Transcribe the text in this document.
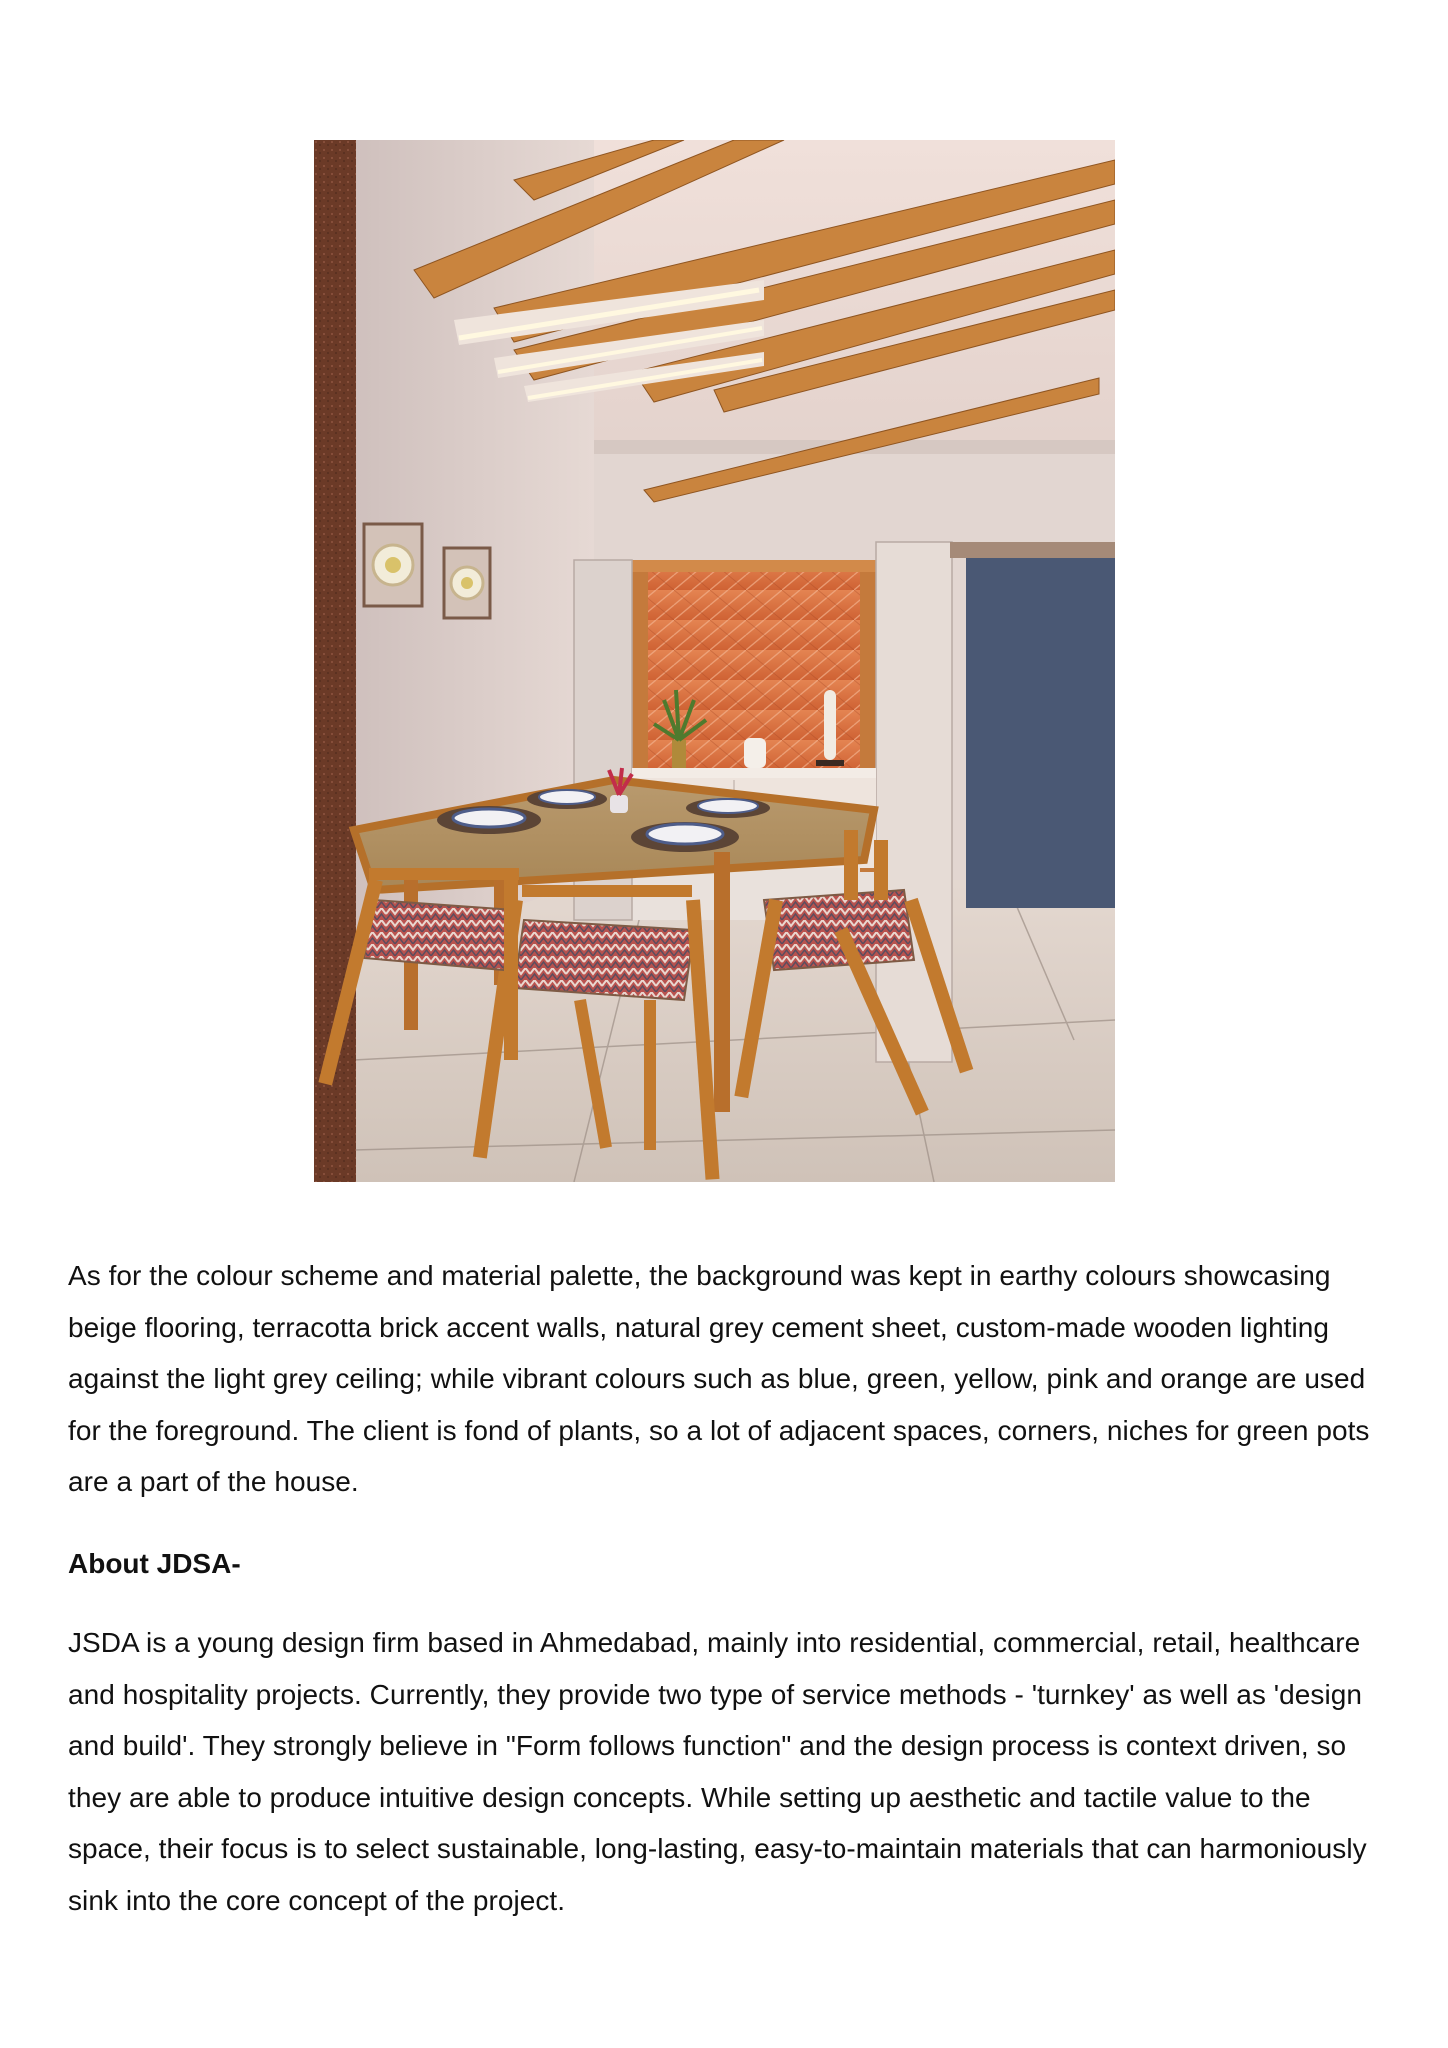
As for the colour scheme and material palette, the background was kept in earthy colours showcasing beige flooring, terracotta brick accent walls, natural grey cement sheet, custom-made wooden lighting against the light grey ceiling; while vibrant colours such as blue, green, yellow, pink and orange are used for the foreground. The client is fond of plants, so a lot of adjacent spaces, corners, niches for green pots are a part of the house.

About JDSA-

JSDA is a young design firm based in Ahmedabad, mainly into residential, commercial, retail, healthcare and hospitality projects. Currently, they provide two type of service methods - 'turnkey' as well as 'design and build'. They strongly believe in "Form follows function" and the design process is context driven, so they are able to produce intuitive design concepts. While setting up aesthetic and tactile value to the space, their focus is to select sustainable, long-lasting, easy-to-maintain materials that can harmoniously sink into the core concept of the project.
